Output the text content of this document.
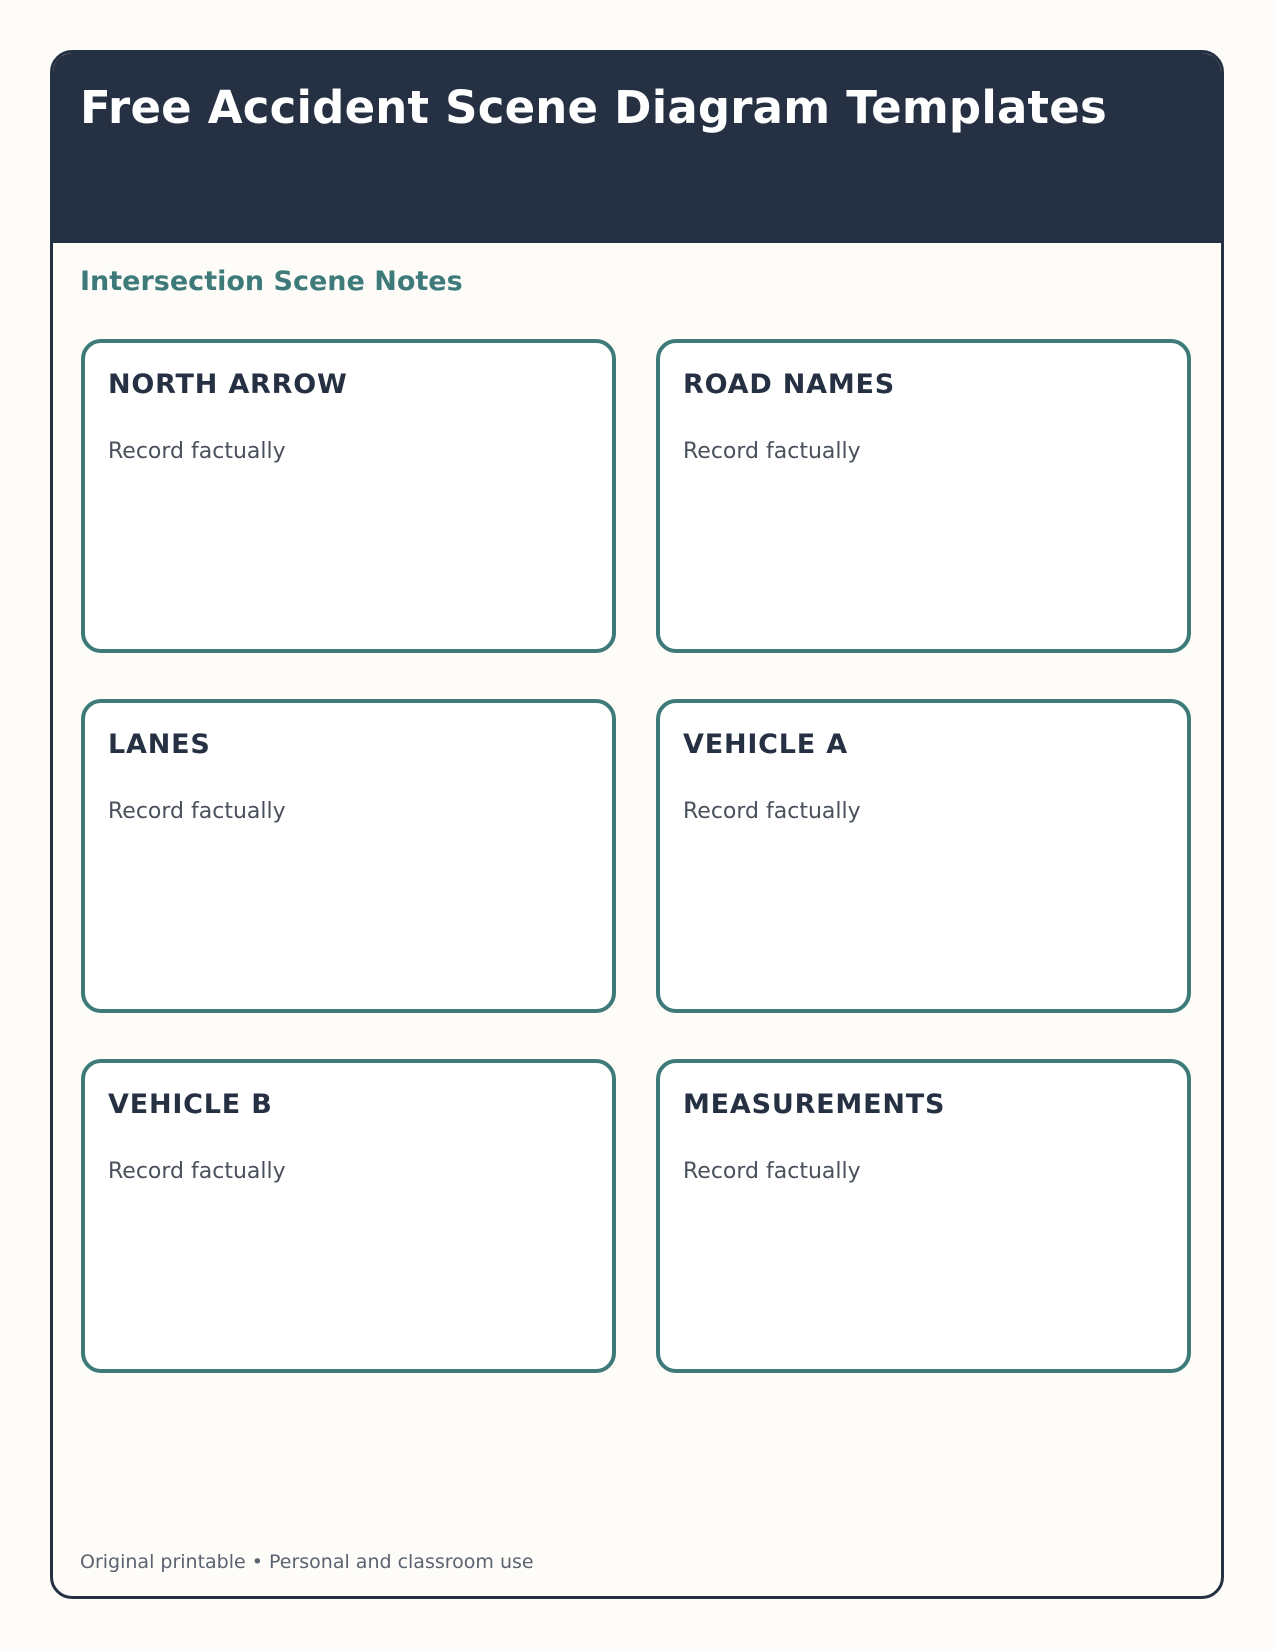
Free Accident Scene Diagram Templates
Intersection Scene Notes
NORTH ARROW
Record factually
ROAD NAMES
Record factually
LANES
Record factually
VEHICLE A
Record factually
VEHICLE B
Record factually
MEASUREMENTS
Record factually
Original printable • Personal and classroom use
